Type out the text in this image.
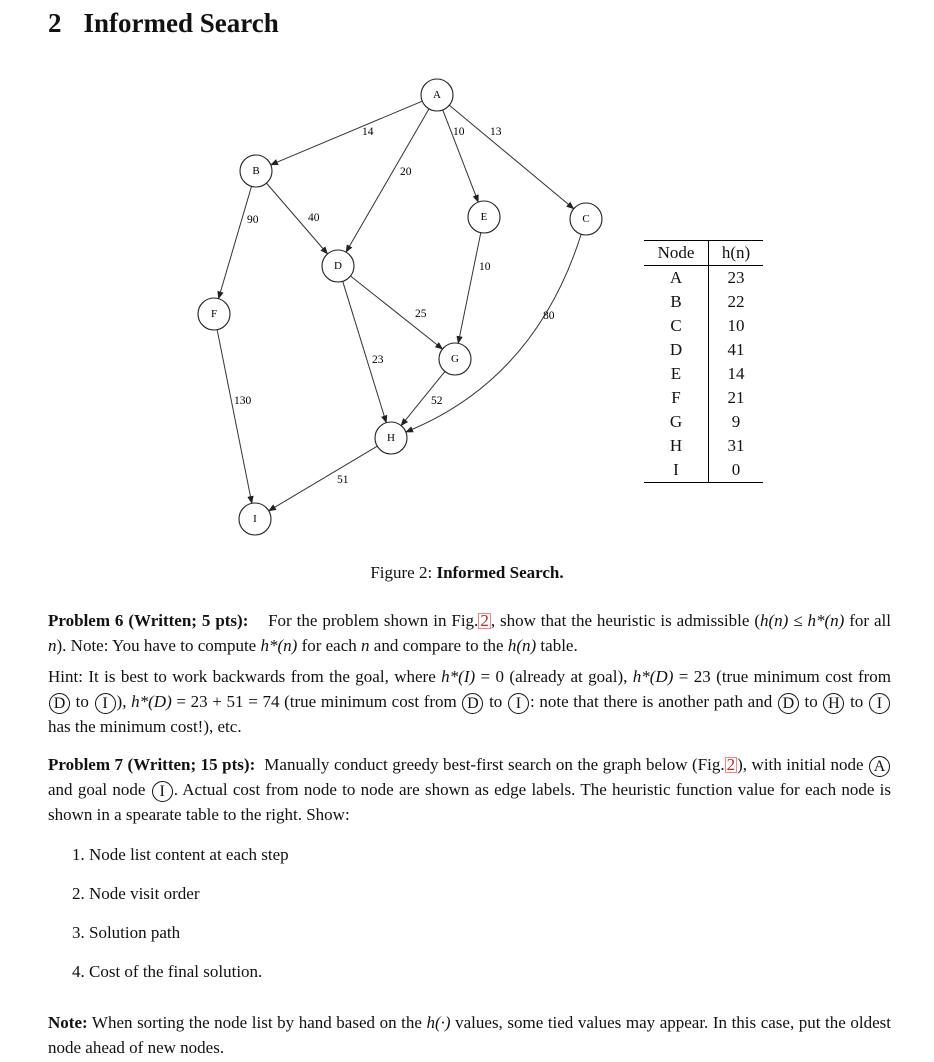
2 Informed Search
14
20
10 13
90	40
10
80
25
23
52
130
51
A
B
C
D
E
F
G
H
I
Node	h(n)
A	23
B	22
C	10
D	41
E	14
F	21
G	9
H	31
I	0
Figure 2: Informed Search.
Problem 6 (Written; 5 pts): For the problem shown in Fig. 2 , show that the heuristic is admissible (h(n) ≤ h*(n) for all n). Note: You have to compute h*(n) for each n and compare to the h(n) table.
Hint: It is best to work backwards from the goal, where h*(I) = 0 (already at goal), h*(D) = 23 (true minimum cost from D to I ), h*(D) = 23 + 51 = 74 (true minimum cost from D to I : note that there is another path and D to H to I has the minimum cost!), etc.
Problem 7 (Written; 15 pts): Manually conduct greedy best-first search on the graph below (Fig. 2 ), with initial node A and goal node I . Actual cost from node to node are shown as edge labels. The heuristic function value for each node is shown in a spearate table to the right. Show:
1. Node list content at each step
2. Node visit order
3. Solution path
4. Cost of the final solution.
Note: When sorting the node list by hand based on the h(·) values, some tied values may appear. In this case, put the oldest node ahead of new nodes.
